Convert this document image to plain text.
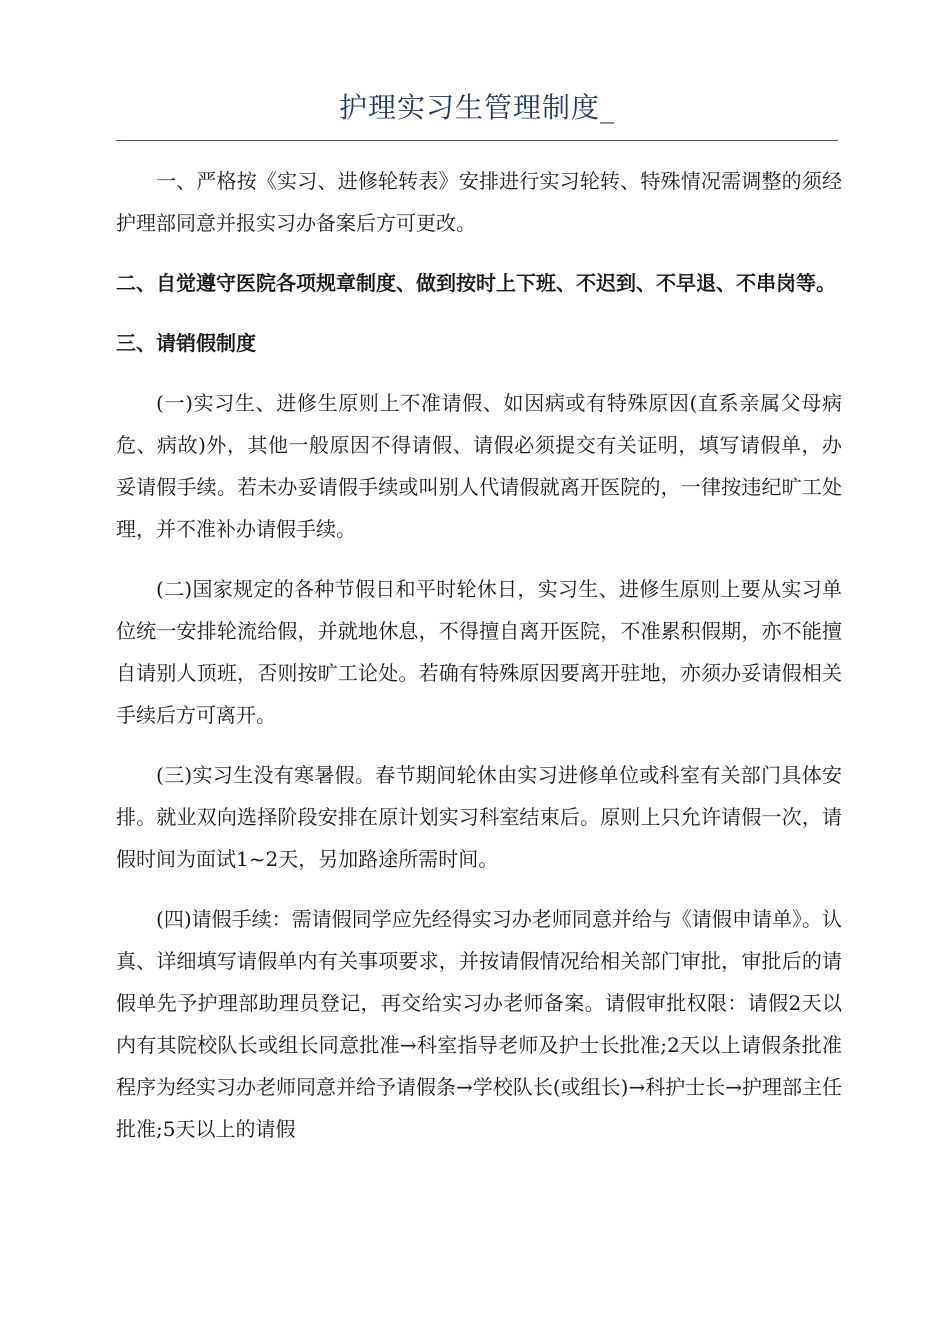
护理实习生管理制度_

一、严格按《实习、进修轮转表》安排进行实习轮转、特殊情况需调整的须经护理部同意并报实习办备案后方可更改。

二、自觉遵守医院各项规章制度、做到按时上下班、不迟到、不早退、不串岗等。

三、请销假制度

(一)实习生、进修生原则上不准请假、如因病或有特殊原因(直系亲属父母病危、病故)外，其他一般原因不得请假、请假必须提交有关证明，填写请假单，办妥请假手续。若未办妥请假手续或叫别人代请假就离开医院的，一律按违纪旷工处理，并不准补办请假手续。

(二)国家规定的各种节假日和平时轮休日，实习生、进修生原则上要从实习单位统一安排轮流给假，并就地休息，不得擅自离开医院，不准累积假期，亦不能擅自请别人顶班，否则按旷工论处。若确有特殊原因要离开驻地，亦须办妥请假相关手续后方可离开。

(三)实习生没有寒暑假。春节期间轮休由实习进修单位或科室有关部门具体安排。就业双向选择阶段安排在原计划实习科室结束后。原则上只允许请假一次，请假时间为面试1~2天，另加路途所需时间。

(四)请假手续：需请假同学应先经得实习办老师同意并给与《请假申请单》。认真、详细填写请假单内有关事项要求，并按请假情况给相关部门审批，审批后的请假单先予护理部助理员登记，再交给实习办老师备案。请假审批权限：请假2天以内有其院校队长或组长同意批准→科室指导老师及护士长批准;2天以上请假条批准程序为经实习办老师同意并给予请假条→学校队长(或组长)→科护士长→护理部主任批准;5天以上的请假
